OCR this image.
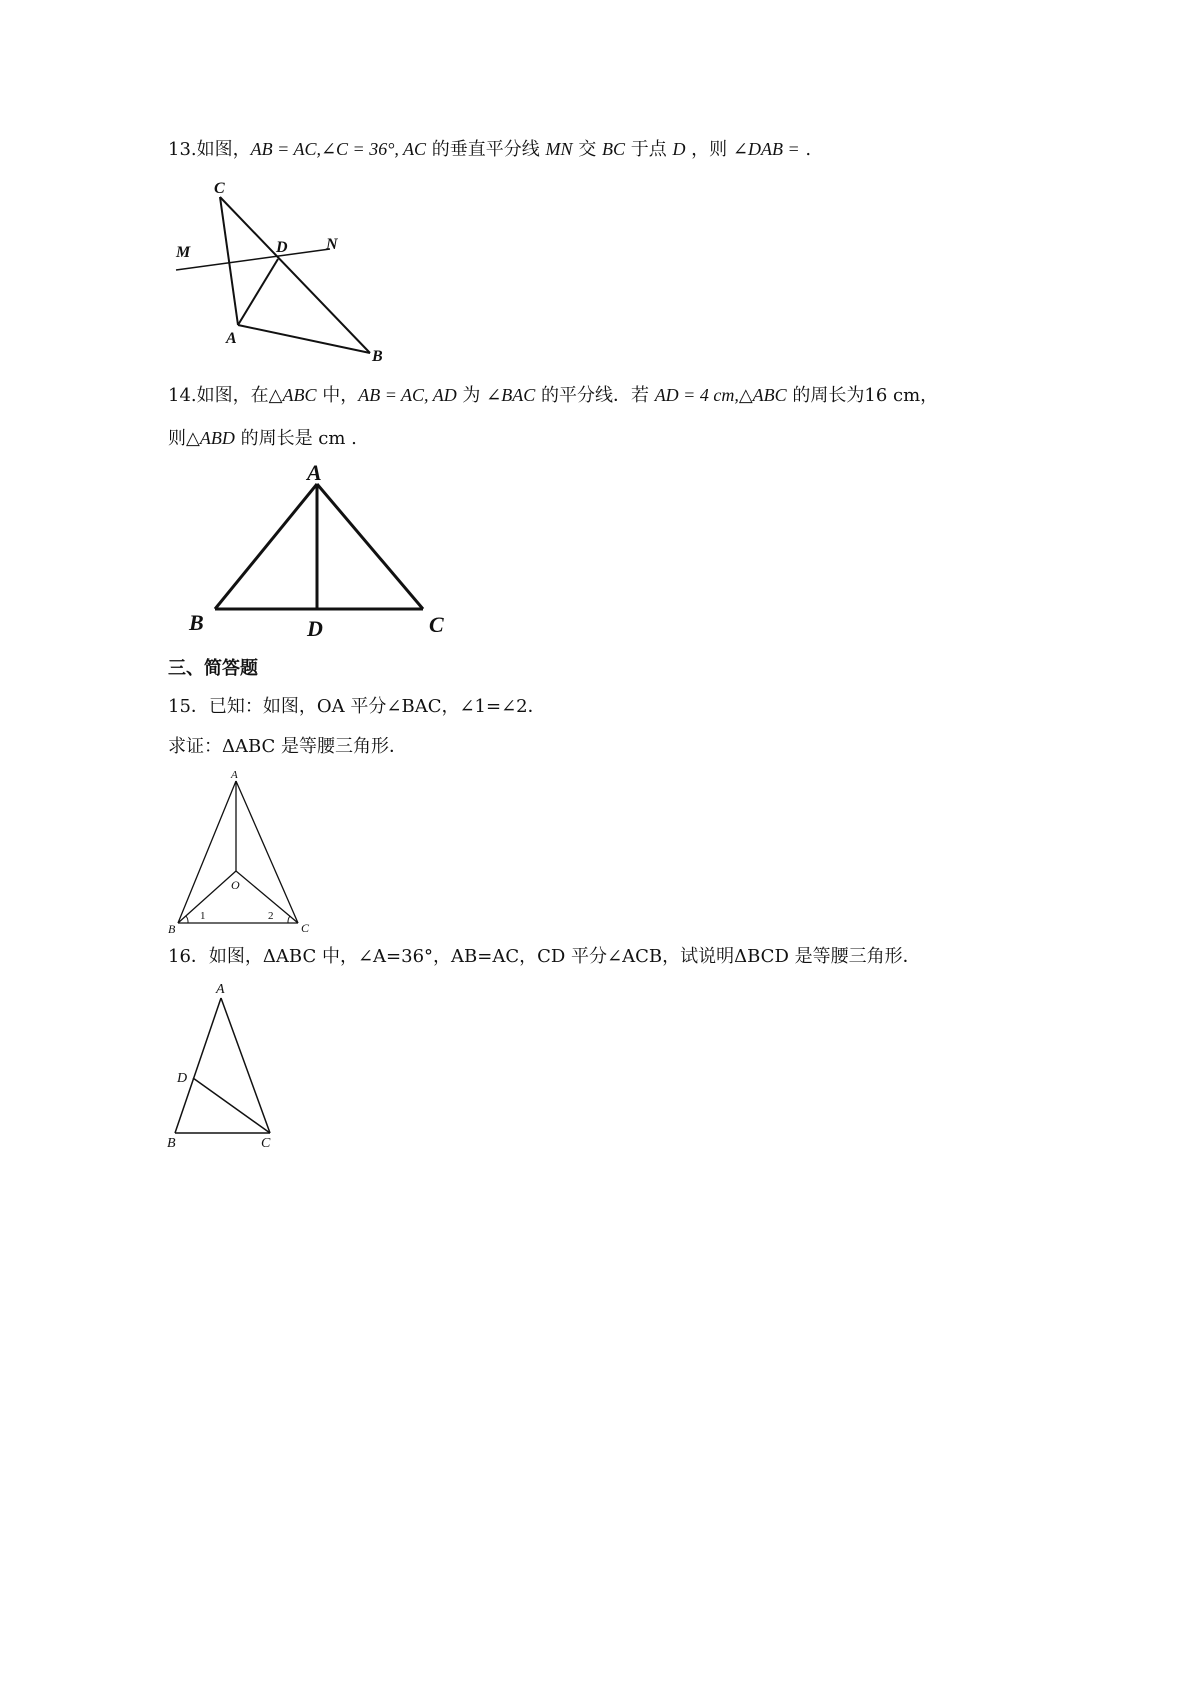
13.如图，AB = AC,∠C = 36°, AC 的垂直平分线 MN 交 BC 于点 D ，则 ∠DAB = .
C
M	D N
A
B
14.如图，在△ABC 中，AB = AC, AD 为 ∠BAC 的平分线．若 AD = 4 cm,△ABC 的周长为16 cm，
则△ABD 的周长是 cm .
A
B	D	C
三、简答题
15．已知：如图，OA 平分∠BAC，∠1=∠2．
求证：ΔABC 是等腰三角形．
A
O
B	C
1	2
16．如图，ΔABC 中，∠A=36°，AB=AC，CD 平分∠ACB，试说明ΔBCD 是等腰三角形．
A
D
B	C
